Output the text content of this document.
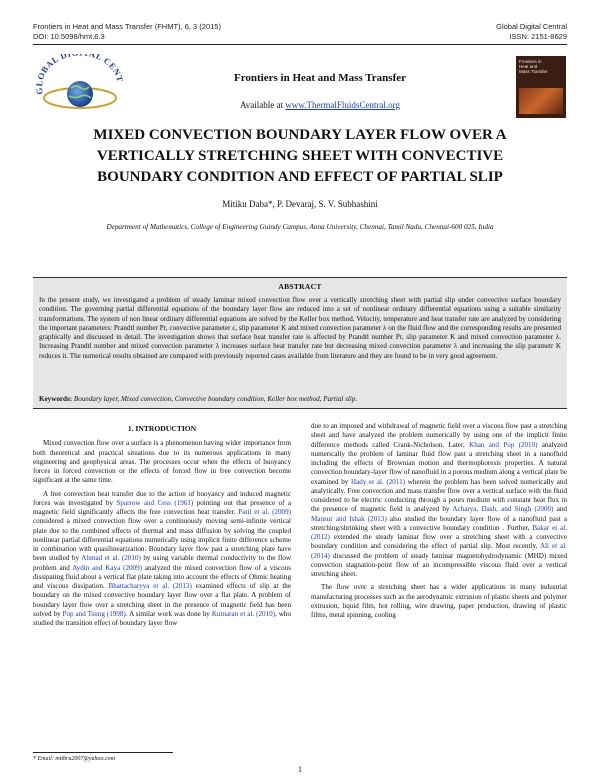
Frontiers in Heat and Mass Transfer (FHMT), 6, 3 (2015)
DOI: 10.5098/hmt.6.3
Global Digital Central
ISSN: 2151-8629
GLOBAL D AL CENT	Frontiers in Heat and Mass Transfer
Available at www.ThermalFluidsCentral.org
Frontiers in
Heat and
Mass Transfer
MIXED CONVECTION BOUNDARY LAYER FLOW OVER A
VERTICALLY STRETCHING SHEET WITH CONVECTIVE
BOUNDARY CONDITION AND EFFECT OF PARTIAL SLIP
Mitiku Daba*, P. Devaraj, S. V. Subhashini
Department of Mathematics, College of Engineering Guindy Campus, Anna University, Chennai, Tamil Nadu, Chennai-600 025, India
ABSTRACT
In the present study, we investigated a problem of steady laminar mixed convection flow over a vertically stretching sheet with partial slip under convective surface boundary condition. The governing partial differential equations of the boundary layer flow are reduced into a set of nonlinear ordinary differential equations using a suitable similarity transformations. The system of non linear ordinary differential equations are solved by the Keller box method. Velocity, temperature and heat transfer rate are analyzed by considering the important parameters: Prandtl number Pr, convective parameter ε, slip parameter K and mixed convection parameter λ on the fluid flow and the corresponding results are presented graphically and discussed in detail. The investigation shows that surface heat transfer rate is affected by Prandtl number Pr, slip parameter K and mixed convection parameter λ. Increasing Prandtl number and mixed convection parameter λ increases surface heat transfer rate but decreasing mixed convection parameter λ and increasing the slip parametr K reduces it. The numerical results obtained are compared with previously reported cases available from literature and they are found to be in very good agreement.
Keywords: Boundary layer, Mixed convection, Convective boundary condition, Keller box method, Partial slip.
1. INTRODUCTION

Mixed convection flow over a surface is a phenomenon having wider importance from both theoretical and practical situations due to its numerous applications in many engineering and geophysical areas. The processes occur when the effects of buoyancy forces in forced convection or the effects of forced flow in free convection become significant at the same time.

A free convection heat transfer due to the action of buoyancy and induced magnetic forces was investigated by Sparrow and Cess (1961) pointing out that presence of a magnetic field significantly affects the free convection heat transfer. Patil et al. (2009) considered a mixed convection flow over a continuously moving semi-infinite vertical plate due to the combined effects of thermal and mass diffusion by solving the coupled nonlinear partial differential equations numerically using implicit finite difference scheme in combination with quasilinearization. Boundary layer flow past a stretching plate have been studied by Ahmad et al. (2010) by using variable thermal conductivity to the flow problem and Aydin and Kaya (2009) analyzed the mixed convection flow of a viscous dissipating fluid about a vertical flat plate taking into account the effects of Ohmic heating and viscous dissipation. Bhattacharyya et al. (2013) examined effects of slip at the boundary on the mixed convective boundary layer flow over a flat plate. A problem of boundary layer flow over a stretching sheet in the presence of magnetic field has been solved by Pop and Tsung (1998). A similar work was done by Kumaran et al. (2010), who studied the transition effect of boundary layer flow

due to an imposed and withdrawal of magnetic field over a viscous flow past a stretching sheet and have analyzed the problem numerically by using one of the implicit finite difference methods called Crank-Nicholson. Later, Khan and Pop (2010) analyzed numerically the problem of laminar fluid flow past a stretching sheet in a nanofluid including the effects of Brownian motion and thermophoresis properties. A natural convection boundary-layer flow of nanofluid in a porous medium along a vertical plate be examined by Hady et al. (2011) wherein the problem has been solved numerically and analytically. Free convection and mass transfer flow over a vertical surface with the fluid considered to be electric conducting through a pours medium with constant heat flux in the presence of magnetic field is analyzed by Acharya, Dash, and Singh (2000) and Mansur and Ishak (2013) also studied the boundary layer flow of a nanofluid past a stretching/shrinking sheet with a convective boundary condition . Further, Bakar et al. (2012) extended the steady laminar flow over a stretching sheet with a convective boundary condition and considering the effect of partial slip. Most recently, Ali et al. (2014) discussed the problem of steady laminar magnetohydrodynamic (MHD) mixed convection stagnation-point flow of an incompressible viscous fluid over a vertical stretching sheet.

The flow over a stretching sheet has a wider applications in many industrial manufacturing processes such as the aerodynamic extrusion of plastic sheets and polymer extrusion, liquid film, hot rolling, wire drawing, paper production, drawing of plastic films, metal spinning, cooling

* Email: mitbru2007@yahoo.com
1
